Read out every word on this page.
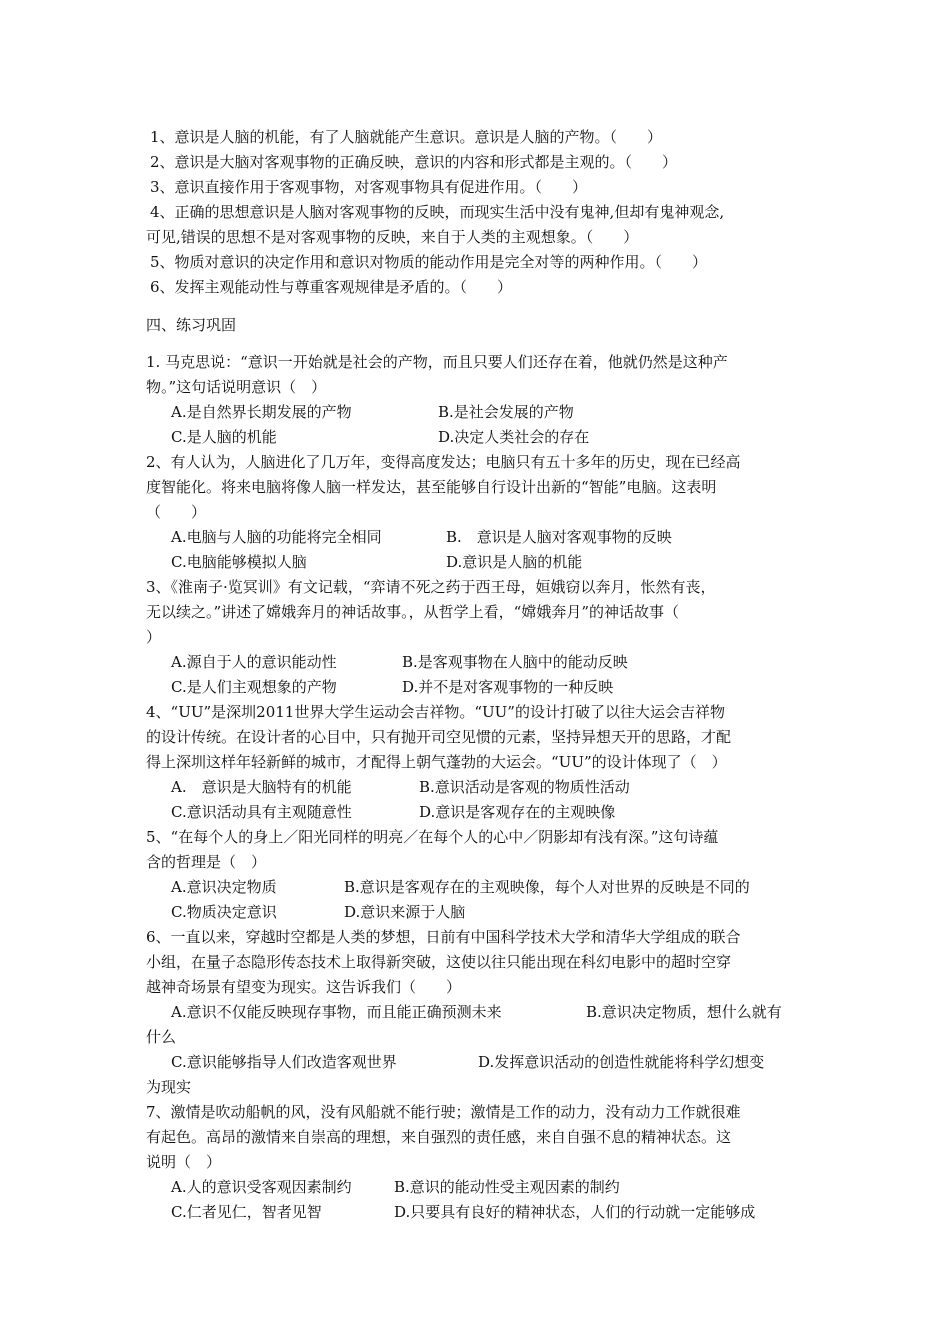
1、意识是人脑的机能，有了人脑就能产生意识。意识是人脑的产物。（　　）
2、意识是大脑对客观事物的正确反映，意识的内容和形式都是主观的。（　　）
3、意识直接作用于客观事物，对客观事物具有促进作用。（　　）
4、正确的思想意识是人脑对客观事物的反映，而现实生活中没有鬼神,但却有鬼神观念,
可见,错误的思想不是对客观事物的反映，来自于人类的主观想象。（　　）
5、物质对意识的决定作用和意识对物质的能动作用是完全对等的两种作用。（　　）
6、发挥主观能动性与尊重客观规律是矛盾的。（　　）
四、练习巩固
1. 马克思说：“意识一开始就是社会的产物，而且只要人们还存在着，他就仍然是这种产
物。”这句话说明意识（　）
A.是自然界长期发展的产物	B.是社会发展的产物
C.是人脑的机能	D.决定人类社会的存在
2、有人认为，人脑进化了几万年，变得高度发达；电脑只有五十多年的历史，现在已经高
度智能化。将来电脑将像人脑一样发达，甚至能够自行设计出新的“智能”电脑。这表明
（　　）
A.电脑与人脑的功能将完全相同	B.　意识是人脑对客观事物的反映
C.电脑能够模拟人脑	D.意识是人脑的机能
3、《淮南子·览冥训》有文记载，“弈请不死之药于西王母，姮娥窃以奔月，怅然有丧，
无以续之。”讲述了嫦娥奔月的神话故事。，从哲学上看，“嫦娥奔月”的神话故事（
）
A.源自于人的意识能动性	B.是客观事物在人脑中的能动反映
C.是人们主观想象的产物	D.并不是对客观事物的一种反映
4、“UU”是深圳2011世界大学生运动会吉祥物。“UU”的设计打破了以往大运会吉祥物
的设计传统。在设计者的心目中，只有抛开司空见惯的元素，坚持异想天开的思路，才配
得上深圳这样年轻新鲜的城市，才配得上朝气蓬勃的大运会。“UU”的设计体现了（　）
A.　意识是大脑特有的机能	B.意识活动是客观的物质性活动
C.意识活动具有主观随意性	D.意识是客观存在的主观映像
5、“在每个人的身上／阳光同样的明亮／在每个人的心中／阴影却有浅有深。”这句诗蕴
含的哲理是（　）
A.意识决定物质	B.意识是客观存在的主观映像，每个人对世界的反映是不同的
C.物质决定意识	D.意识来源于人脑
6、一直以来，穿越时空都是人类的梦想，日前有中国科学技术大学和清华大学组成的联合
小组，在量子态隐形传态技术上取得新突破，这使以往只能出现在科幻电影中的超时空穿
越神奇场景有望变为现实。这告诉我们（　　）
A.意识不仅能反映现存事物，而且能正确预测未来	B.意识决定物质，想什么就有
什么
C.意识能够指导人们改造客观世界	D.发挥意识活动的创造性就能将科学幻想变
为现实
7、激情是吹动船帆的风，没有风船就不能行驶；激情是工作的动力，没有动力工作就很难
有起色。高昂的激情来自崇高的理想，来自强烈的责任感，来自自强不息的精神状态。这
说明（　）
A.人的意识受客观因素制约	B.意识的能动性受主观因素的制约
C.仁者见仁，智者见智	D.只要具有良好的精神状态，人们的行动就一定能够成
